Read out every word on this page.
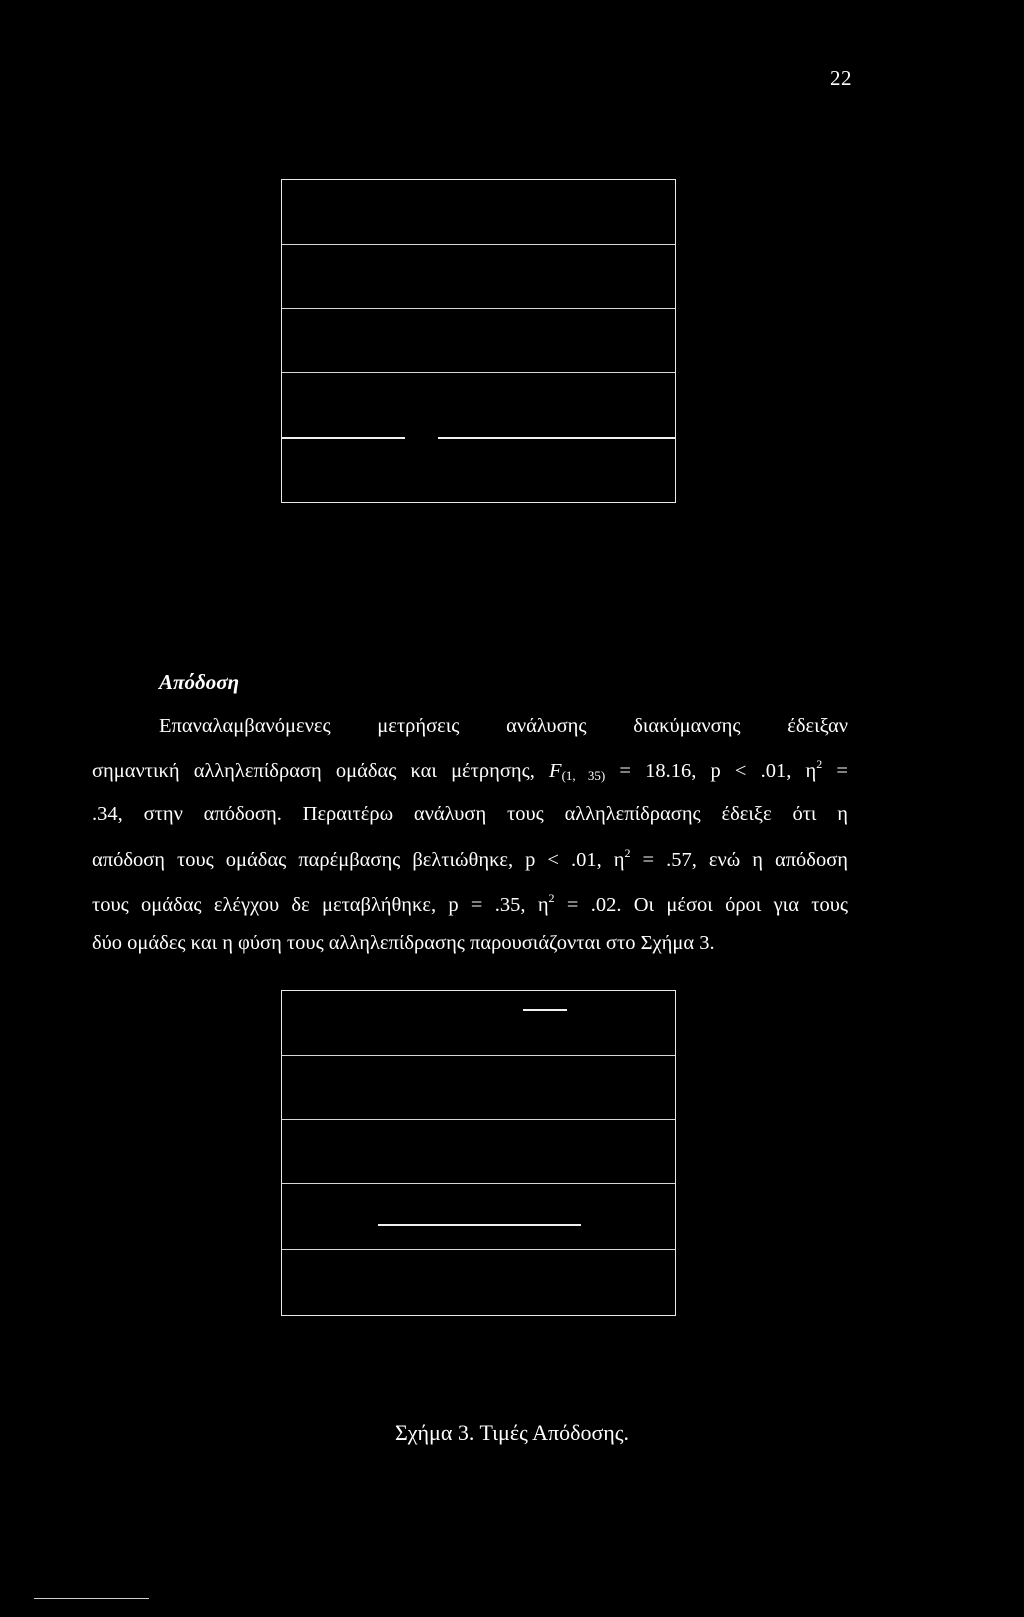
22
Απόδοση
Επαναλαμβανόμενες μετρήσεις ανάλυσης διακύμανσης έδειξαν
σημαντική αλληλεπίδραση ομάδας και μέτρησης, $F_{(1, 35)} = 18.16$, p < .01, $\eta^2$ =
.34, στην απόδοση. Περαιτέρω ανάλυση τους αλληλεπίδρασης έδειξε ότι η
απόδοση τους ομάδας παρέμβασης βελτιώθηκε, p < .01, $\eta^2 = .57$, ενώ η απόδοση
τους ομάδας ελέγχου δε μεταβλήθηκε, p = .35, $\eta^2 = .02$. Οι μέσοι όροι για τους
δύο ομάδες και η φύση τους αλληλεπίδρασης παρουσιάζονται στο Σχήμα 3.
Σχήμα 3. Τιμές Απόδοσης.
